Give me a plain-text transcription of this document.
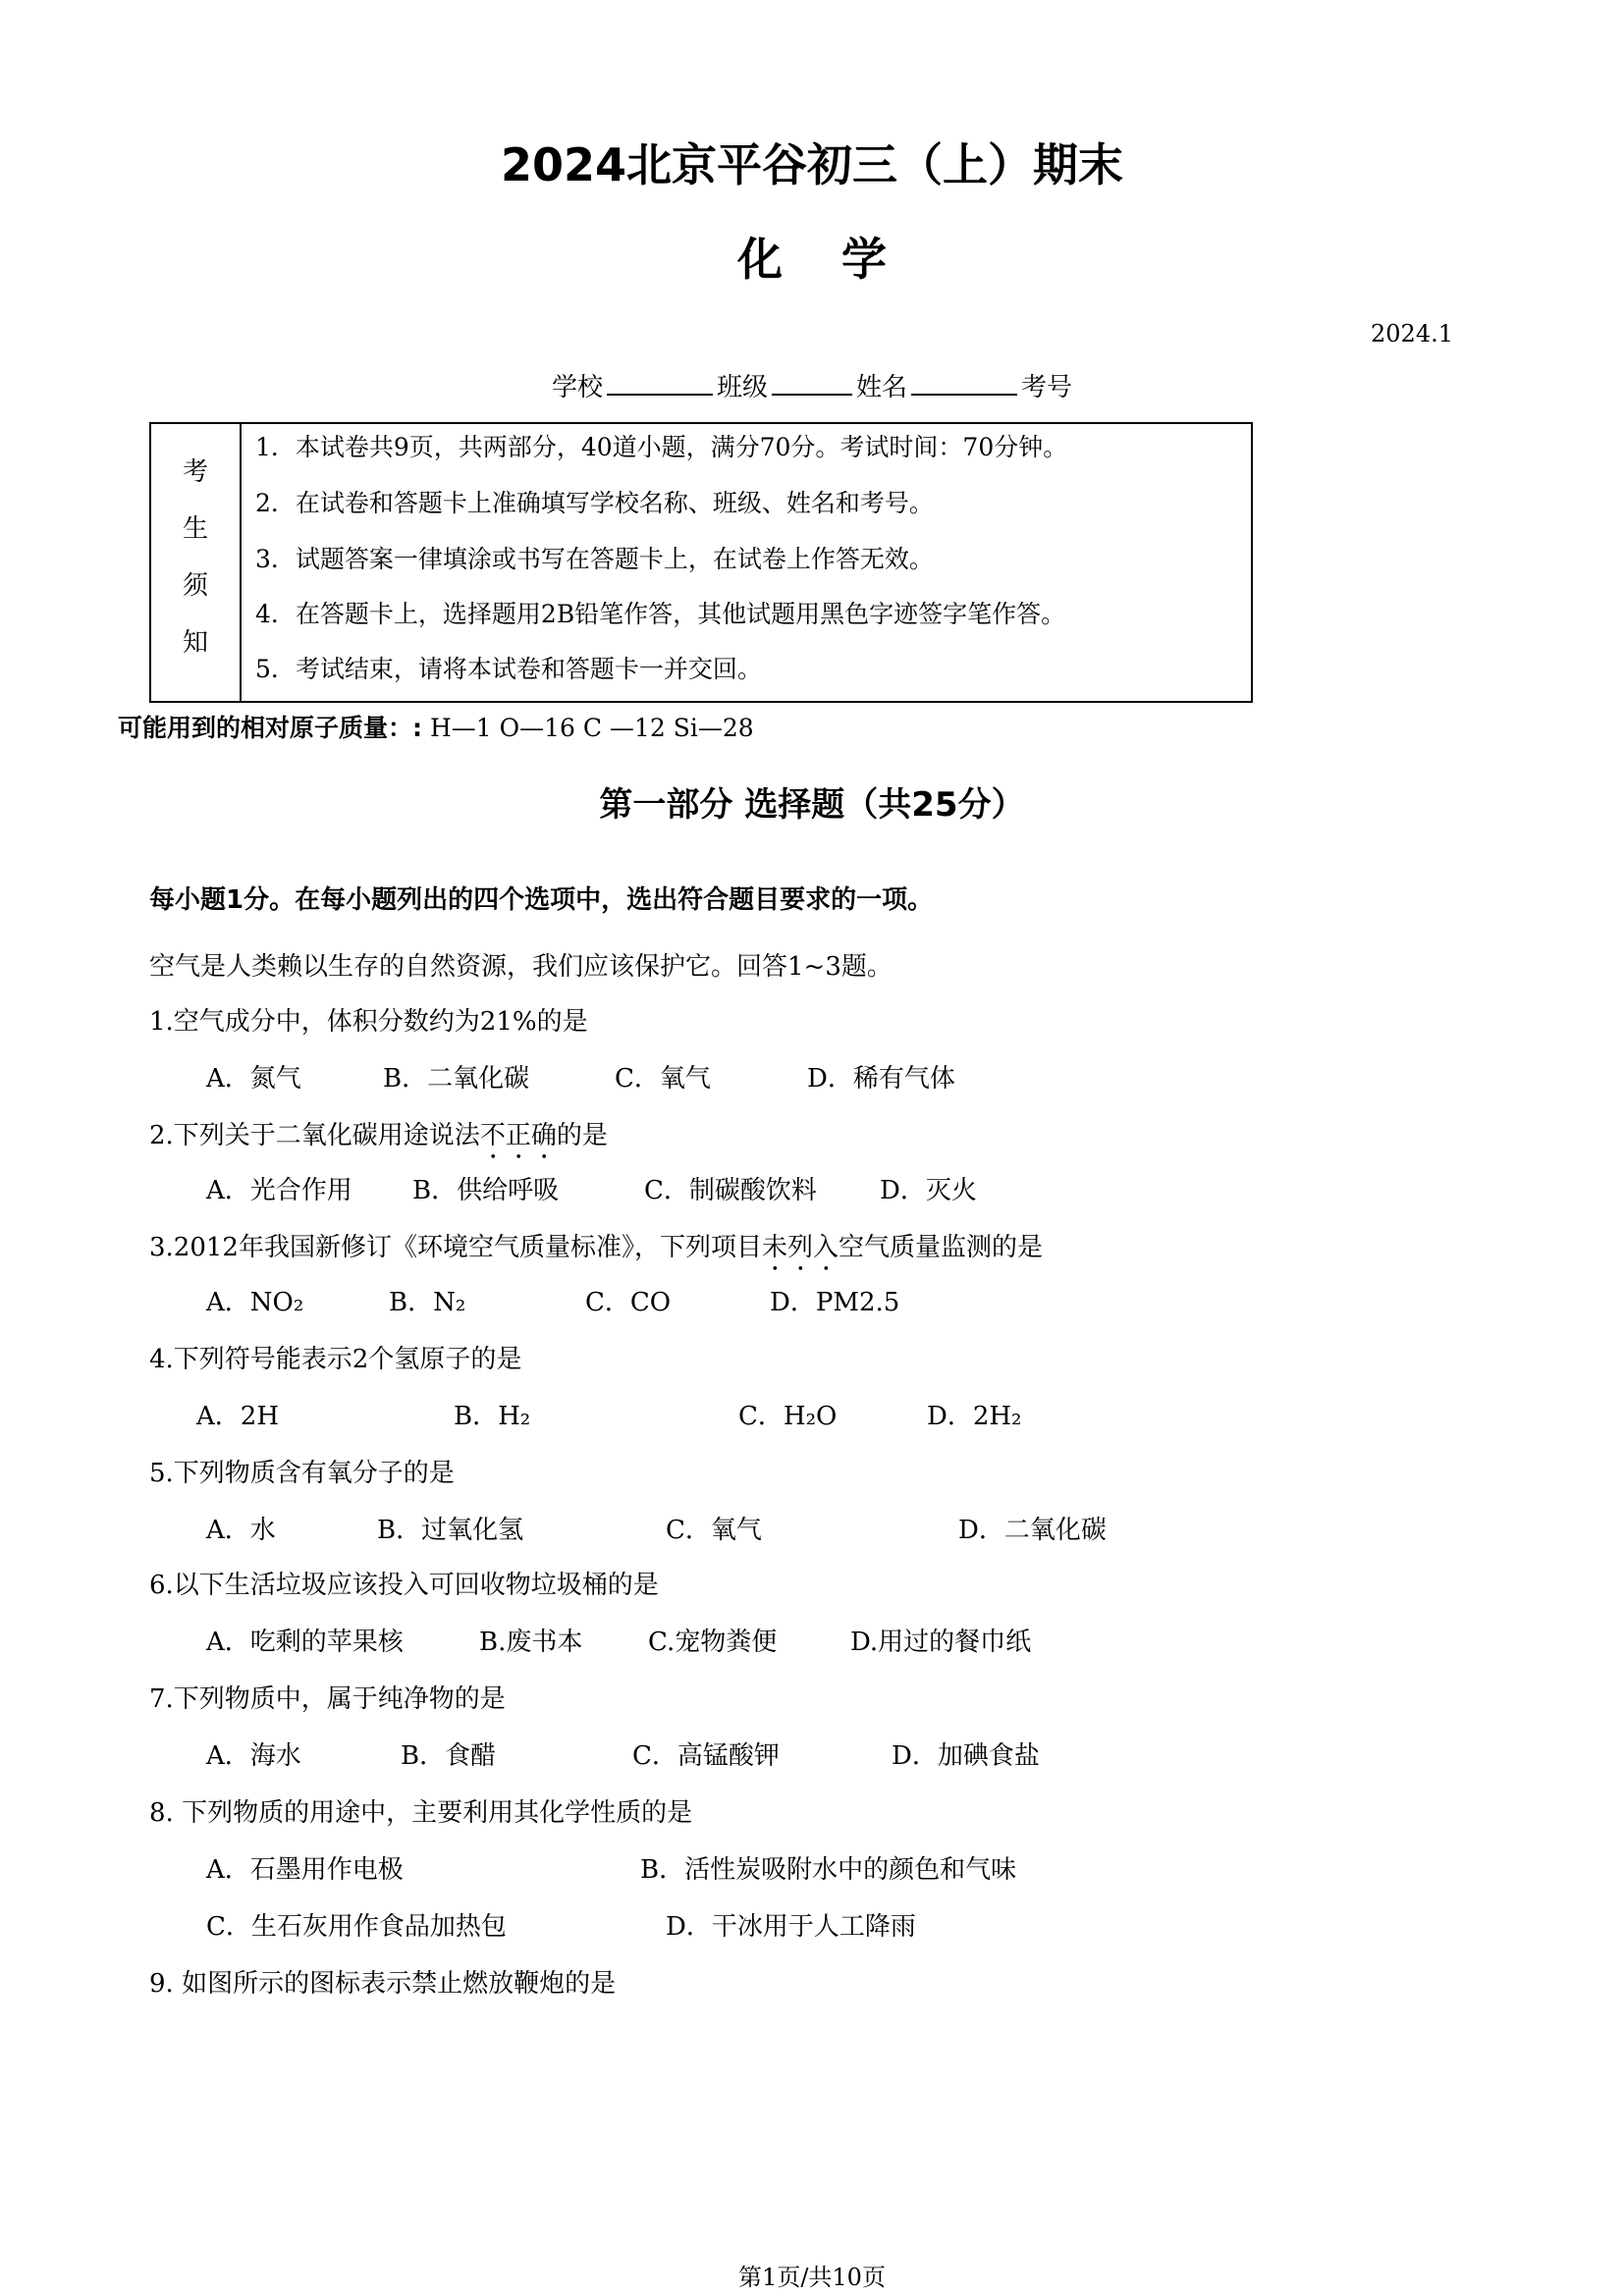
2024北京平谷初三（上）期末
化学
2024.1
学校	班级	姓名	考号
考
生
须
知
1．本试卷共9页，共两部分，40道小题，满分70分。考试时间：70分钟。
2．在试卷和答题卡上准确填写学校名称、班级、姓名和考号。
3．试题答案一律填涂或书写在答题卡上，在试卷上作答无效。
4．在答题卡上，选择题用2B铅笔作答，其他试题用黑色字迹签字笔作答。
5．考试结束，请将本试卷和答题卡一并交回。
可能用到的相对原子质量：: H—1 O—16 C —12 Si—28
第一部分 选择题（共25分）
每小题1分。在每小题列出的四个选项中，选出符合题目要求的一项。
空气是人类赖以生存的自然资源，我们应该保护它。回答1~3题。
1.空气成分中，体积分数约为21%的是
A．氮气	B．二氧化碳	C．氧气	D．稀有气体
2.下列关于二氧化碳用途说法不正确的是
A．光合作用 B．供给呼吸	C．制碳酸饮料 D．灭火
3.2012年我国新修订《环境空气质量标准》，下列项目未列入空气质量监测的是
A．NO₂	B．N₂	C．CO	D．PM2.5
4.下列符号能表示2个氢原子的是
A．2H	B．H₂	C．H₂O	D．2H₂
5.下列物质含有氧分子的是
A．水	B．过氧化氢	C．氧气	D．二氧化碳
6.以下生活垃圾应该投入可回收物垃圾桶的是
A．吃剩的苹果核	B.废书本	C.宠物粪便	D.用过的餐巾纸
7.下列物质中，属于纯净物的是
A．海水	B．食醋	C．高锰酸钾	D．加碘食盐
8. 下列物质的用途中，主要利用其化学性质的是
A．石墨用作电极	B．活性炭吸附水中的颜色和气味
C．生石灰用作食品加热包	D．干冰用于人工降雨
9. 如图所示的图标表示禁止燃放鞭炮的是
第1页/共10页
